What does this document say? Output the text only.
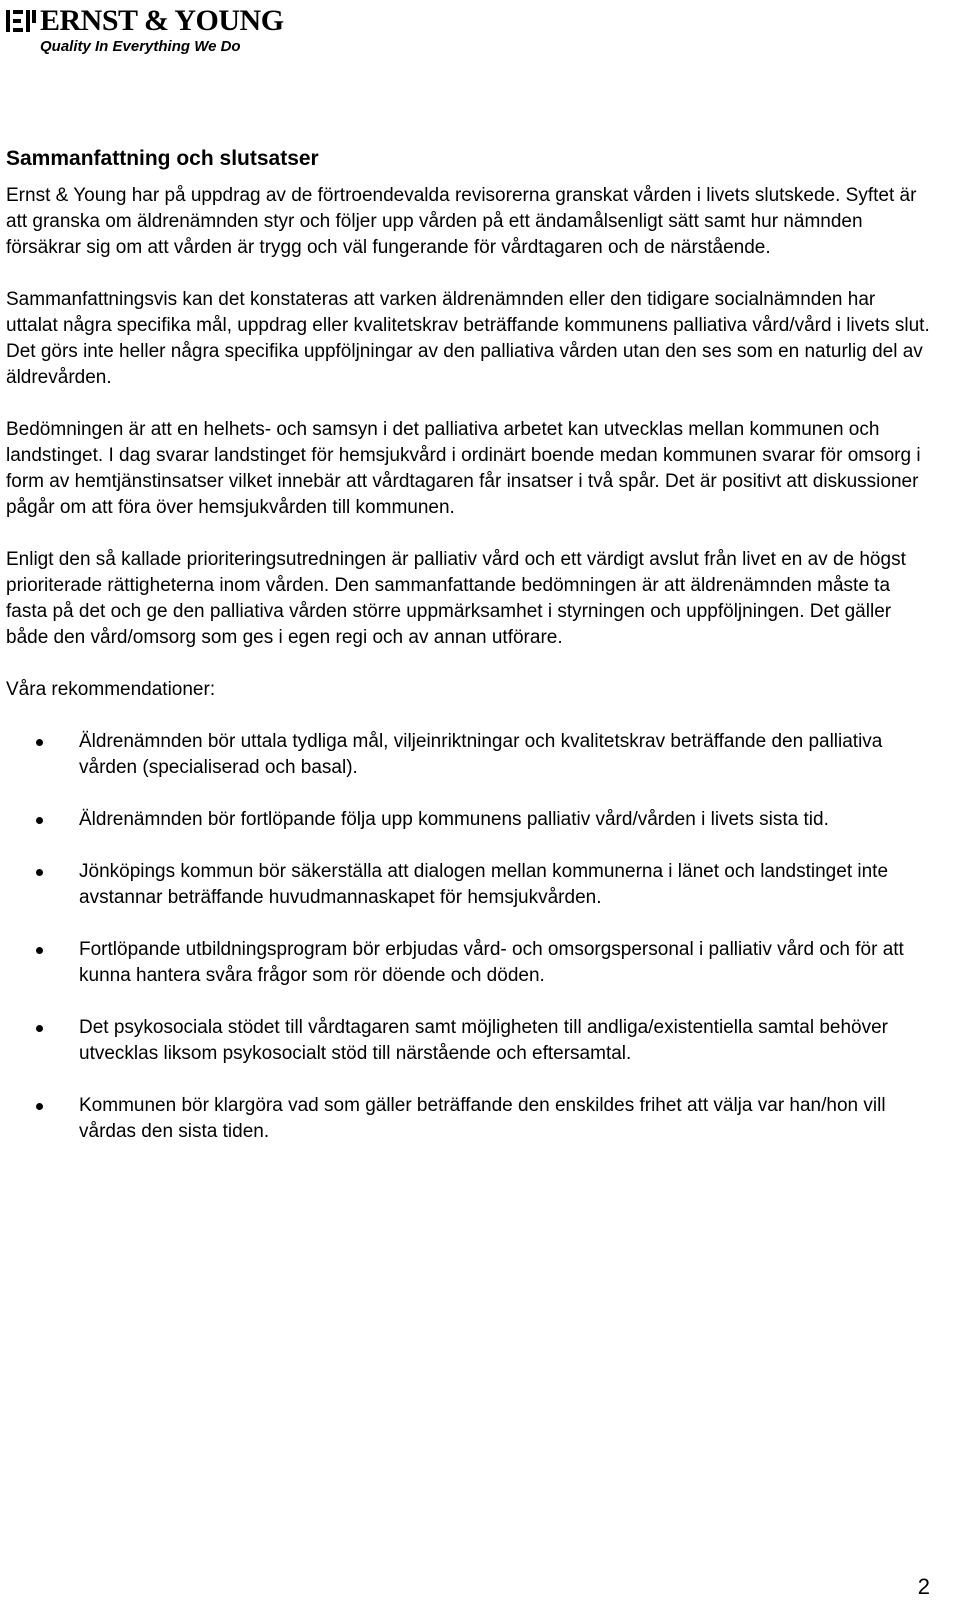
ERNST & YOUNG
Quality In Everything We Do
Sammanfattning och slutsatser

Ernst & Young har på uppdrag av de förtroendevalda revisorerna granskat vården i livets slutskede. Syftet är att granska om äldrenämnden styr och följer upp vården på ett ändamålsenligt sätt samt hur nämnden försäkrar sig om att vården är trygg och väl fungerande för vårdtagaren och de närstående.

Sammanfattningsvis kan det konstateras att varken äldrenämnden eller den tidigare socialnämnden har uttalat några specifika mål, uppdrag eller kvalitetskrav beträffande kommunens palliativa vård/vård i livets slut. Det görs inte heller några specifika uppföljningar av den palliativa vården utan den ses som en naturlig del av äldrevården.

Bedömningen är att en helhets- och samsyn i det palliativa arbetet kan utvecklas mellan kommunen och landstinget. I dag svarar landstinget för hemsjukvård i ordinärt boende medan kommunen svarar för omsorg i form av hemtjänstinsatser vilket innebär att vårdtagaren får insatser i två spår. Det är positivt att diskussioner pågår om att föra över hemsjukvården till kommunen.

Enligt den så kallade prioriteringsutredningen är palliativ vård och ett värdigt avslut från livet en av de högst prioriterade rättigheterna inom vården. Den sammanfattande bedömningen är att äldrenämnden måste ta fasta på det och ge den palliativa vården större uppmärksamhet i styrningen och uppföljningen. Det gäller både den vård/omsorg som ges i egen regi och av annan utförare.

Våra rekommendationer:

Äldrenämnden bör uttala tydliga mål, viljeinriktningar och kvalitetskrav beträffande den palliativa vården (specialiserad och basal).
Äldrenämnden bör fortlöpande följa upp kommunens palliativ vård/vården i livets sista tid.
Jönköpings kommun bör säkerställa att dialogen mellan kommunerna i länet och landstinget inte avstannar beträffande huvudmannaskapet för hemsjukvården.
Fortlöpande utbildningsprogram bör erbjudas vård- och omsorgspersonal i palliativ vård och för att kunna hantera svåra frågor som rör döende och döden.
Det psykosociala stödet till vårdtagaren samt möjligheten till andliga/existentiella samtal behöver utvecklas liksom psykosocialt stöd till närstående och eftersamtal.
Kommunen bör klargöra vad som gäller beträffande den enskildes frihet att välja var han/hon vill vårdas den sista tiden.
2
